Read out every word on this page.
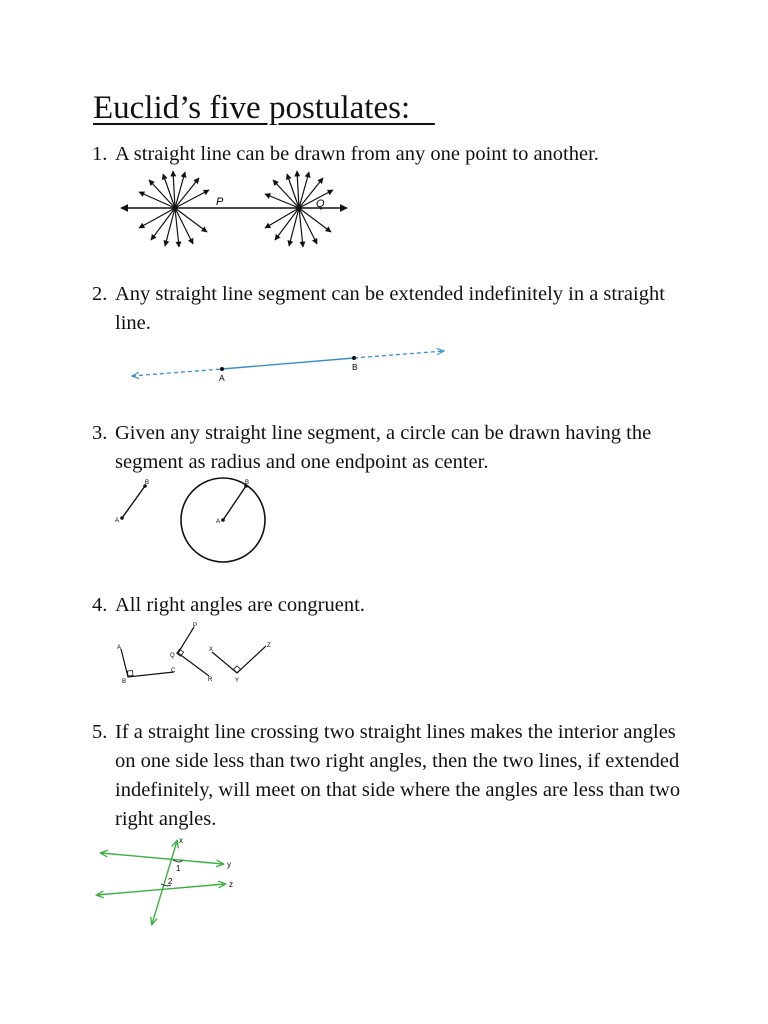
Euclid’s five postulates:
1. A straight line can be drawn from any one point to another.
P	Q
2. Any straight line segment can be extended indefinitely in a straight line.
A
B
3. Given any straight line segment, a circle can be drawn having the segment as radius and one endpoint as center.
A
B
A
B
4. All right angles are congruent.
A
B
C
P
Q
R
X
Y
Z
5. If a straight line crossing two straight lines makes the interior angles on one side less than two right angles, then the two lines, if extended indefinitely, will meet on that side where the angles are less than two right angles.
x
1	y
2	z
